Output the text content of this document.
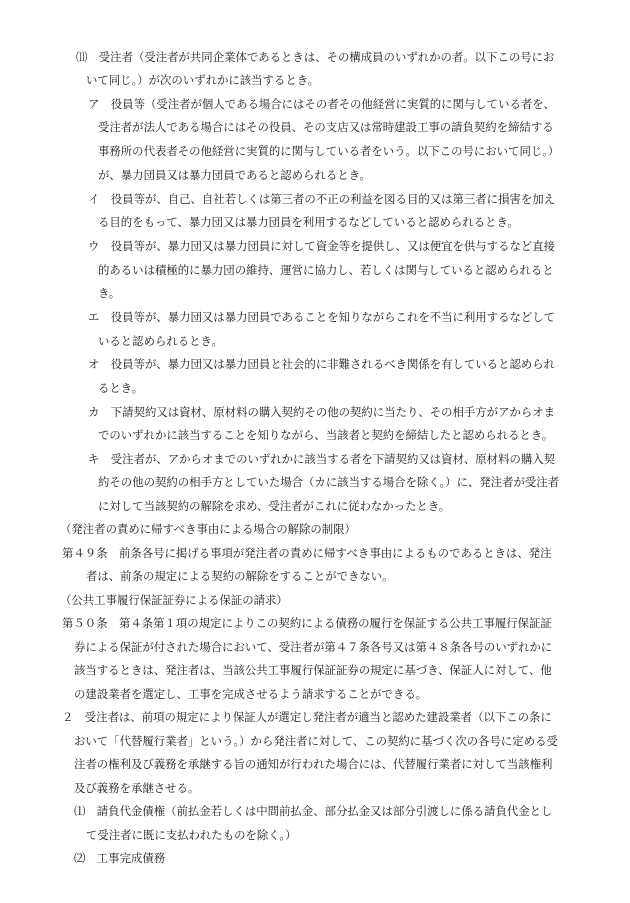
⑾　受注者（受注者が共同企業体であるときは、その構成員のいずれかの者。以下この号にお

いて同じ。）が次のいずれかに該当するとき。

ア　役員等（受注者が個人である場合にはその者その他経営に実質的に関与している者を、

受注者が法人である場合にはその役員、その支店又は常時建設工事の請負契約を締結する

事務所の代表者その他経営に実質的に関与している者をいう。以下この号において同じ。）

が、暴力団員又は暴力団員であると認められるとき。

イ　役員等が、自己、自社若しくは第三者の不正の利益を図る目的又は第三者に損害を加え

る目的をもって、暴力団又は暴力団員を利用するなどしていると認められるとき。

ウ　役員等が、暴力団又は暴力団員に対して資金等を提供し、又は便宜を供与するなど直接

的あるいは積極的に暴力団の維持、運営に協力し、若しくは関与していると認められると

き。

エ　役員等が、暴力団又は暴力団員であることを知りながらこれを不当に利用するなどして

いると認められるとき。

オ　役員等が、暴力団又は暴力団員と社会的に非難されるべき関係を有していると認められ

るとき。

カ　下請契約又は資材、原材料の購入契約その他の契約に当たり、その相手方がアからオま

でのいずれかに該当することを知りながら、当該者と契約を締結したと認められるとき。

キ　受注者が、アからオまでのいずれかに該当する者を下請契約又は資材、原材料の購入契

約その他の契約の相手方としていた場合（カに該当する場合を除く。）に、発注者が受注者

に対して当該契約の解除を求め、受注者がこれに従わなかったとき。

（発注者の責めに帰すべき事由による場合の解除の制限）

第４９条　前条各号に掲げる事項が発注者の責めに帰すべき事由によるものであるときは、発注

者は、前条の規定による契約の解除をすることができない。

（公共工事履行保証証券による保証の請求）

第５０条　第４条第１項の規定によりこの契約による債務の履行を保証する公共工事履行保証証

券による保証が付された場合において、受注者が第４７条各号又は第４８条各号のいずれかに

該当するときは、発注者は、当該公共工事履行保証証券の規定に基づき、保証人に対して、他

の建設業者を選定し、工事を完成させるよう請求することができる。

２　受注者は、前項の規定により保証人が選定し発注者が適当と認めた建設業者（以下この条に

おいて「代替履行業者」という。）から発注者に対して、この契約に基づく次の各号に定める受

注者の権利及び義務を承継する旨の通知が行われた場合には、代替履行業者に対して当該権利

及び義務を承継させる。

⑴　請負代金債権（前払金若しくは中間前払金、部分払金又は部分引渡しに係る請負代金とし

て受注者に既に支払われたものを除く。）

⑵　工事完成債務
